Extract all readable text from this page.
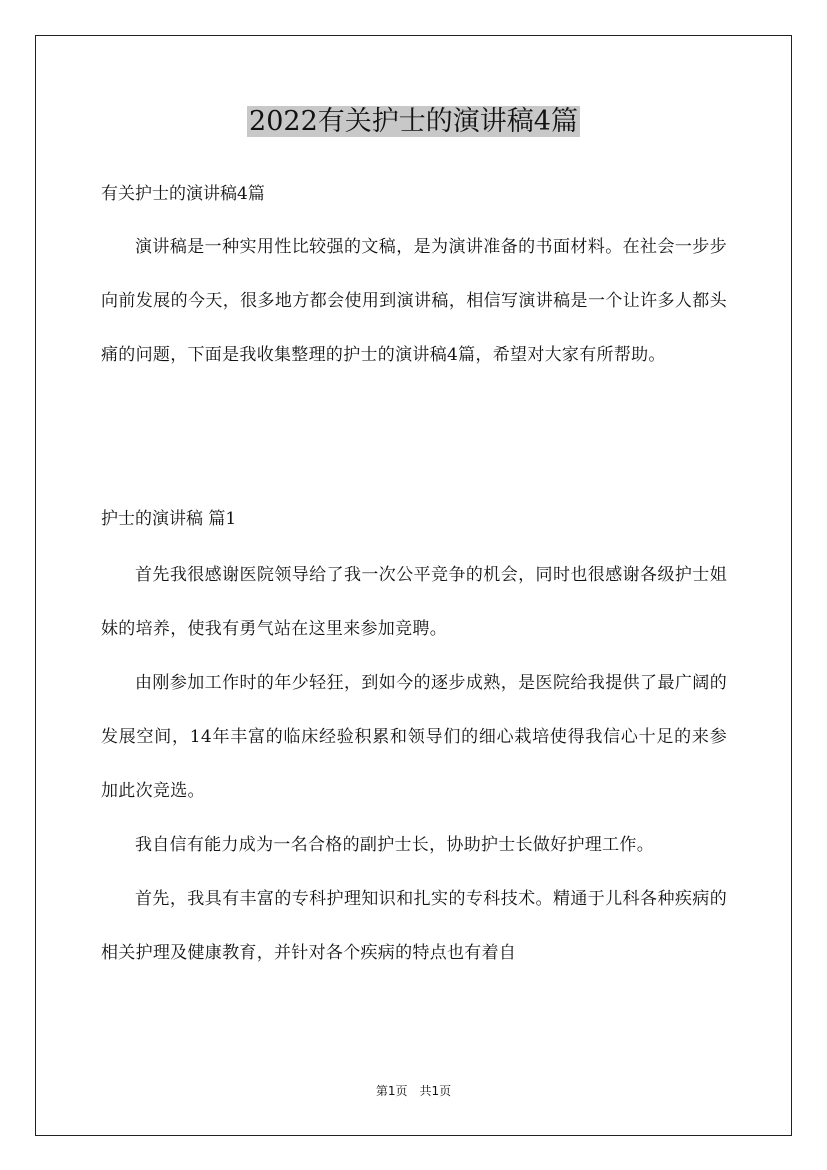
2022有关护士的演讲稿4篇
有关护士的演讲稿4篇

演讲稿是一种实用性比较强的文稿，是为演讲准备的书面材料。在社会一步步向前发展的今天，很多地方都会使用到演讲稿，相信写演讲稿是一个让许多人都头痛的问题，下面是我收集整理的护士的演讲稿4篇，希望对大家有所帮助。

护士的演讲稿 篇1

首先我很感谢医院领导给了我一次公平竞争的机会，同时也很感谢各级护士姐妹的培养，使我有勇气站在这里来参加竞聘。

由刚参加工作时的年少轻狂，到如今的逐步成熟，是医院给我提供了最广阔的发展空间，14年丰富的临床经验积累和领导们的细心栽培使得我信心十足的来参加此次竞选。

我自信有能力成为一名合格的副护士长，协助护士长做好护理工作。

首先，我具有丰富的专科护理知识和扎实的专科技术。精通于儿科各种疾病的相关护理及健康教育，并针对各个疾病的特点也有着自

第1页　共1页
